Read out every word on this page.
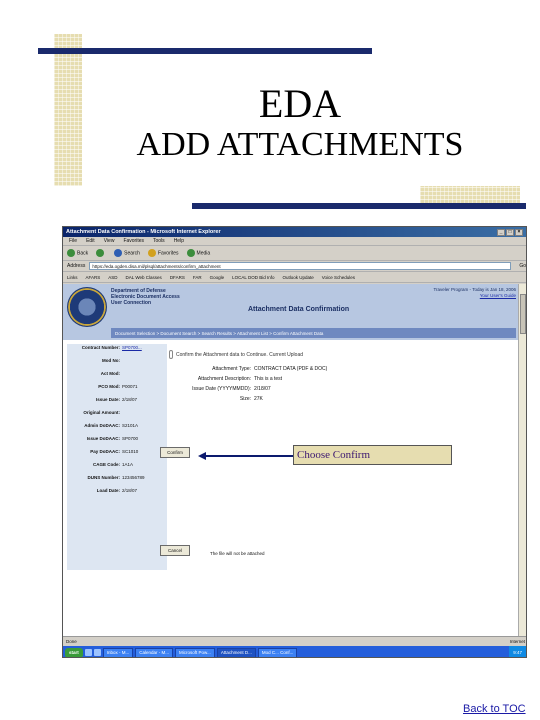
EDA
ADD ATTACHMENTS
Attachment Data Confirmation - Microsoft Internet Explorer	_	□	×
File Edit View Favorites Tools Help
Back	Search	Favorites	Media
Address	https://eda.ogden.disa.mil/plsql/attachments/confirm_attachment	Go
Links AFARS ASD DAL Web Classes DFARS FAR Google LOCAL DOD Bid Info Outlook Update Voice Schedules
Department of Defense
Electronic Document Access
User Connection
Attachment Data Confirmation
Traveler Program - Today is Jan 18, 2006
Your User's Guide
Document Selection > Document Search > Search Results > Attachment List > Confirm Attachment Data
Contract Number: SP0700...
Mod No:
Act Mod:
PCO Mod: P00071
Issue Date: 2/18/07
Original Amount:
Admin DoDAAC: S2101A
Issue DoDAAC: SP0700
Pay DoDAAC: SC1010
CAGE Code: 1A1A
DUNS Number: 123456789
Load Date: 2/18/07
Confirm the Attachment data to Continue. Current Upload
Attachment Type: CONTRACT DATA (PDF & DOC)
Attachment Description: This is a test
Issue Date (YYYYMMDD): 2/18/07
Size: 27K
Confirm
Cancel
The file will not be attached
Done	Internet
start	Inbox - M...	Calendar - M...	Microsoft Pow...	Attachment D...	Mod C... Conf...	9:47
Choose Confirm
Back to TOC
